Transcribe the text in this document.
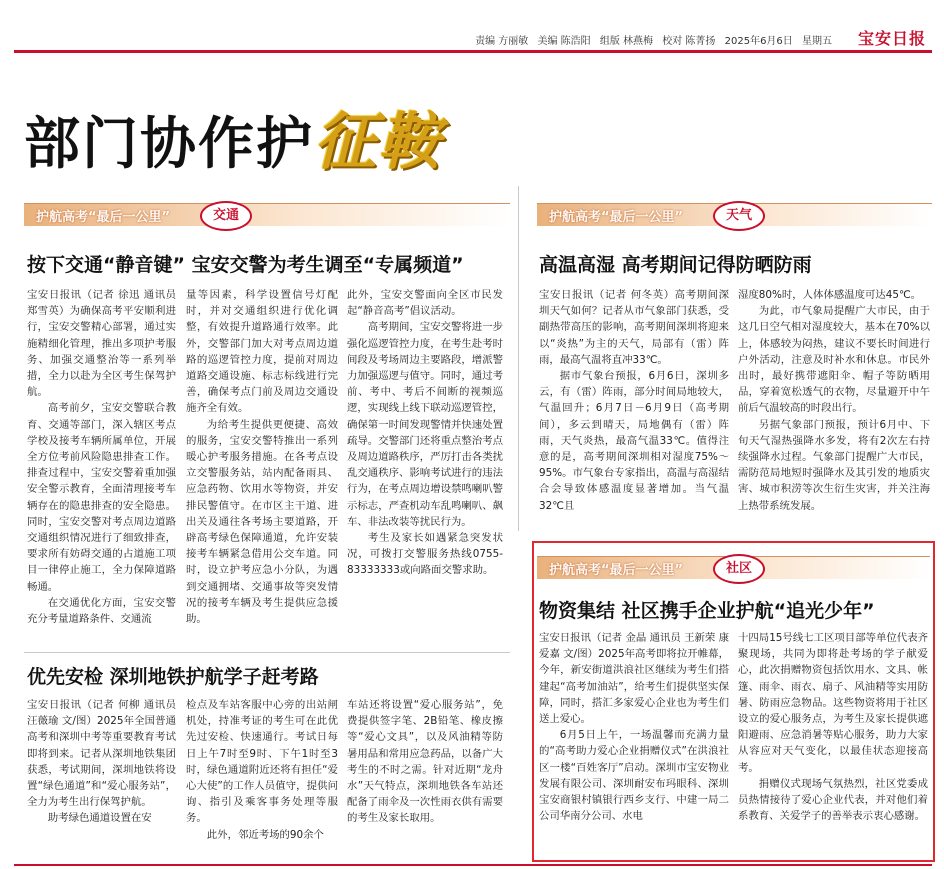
责编 方丽敏 美编 陈浩阳 组版 林燕梅 校对 陈菁扬 2025年6月6日 星期五 宝安日报
部门协作护征鞍
护航高考“最后一公里”	交通
按下交通“静音键” 宝安交警为考生调至“专属频道”

宝安日报讯（记者 徐迅 通讯员 郑雪英）为确保高考平安顺利进行，宝安交警精心部署，通过实施精细化管理，推出多项护考服务、加强交通整治等一系列举措，全力以赴为全区考生保驾护航。

高考前夕，宝安交警联合教育、交通等部门，深入辖区考点学校及接考车辆所属单位，开展全方位考前风险隐患排查工作。排查过程中，宝安交警着重加强安全警示教育，全面清理接考车辆存在的隐患排查的安全隐患。同时，宝安交警对考点周边道路交通组织情况进行了细致排查，要求所有妨碍交通的占道施工项目一律停止施工，全力保障道路畅通。

在交通优化方面，宝安交警充分考量道路条件、交通流

量等因素，科学设置信号灯配时，并对交通组织进行优化调整，有效提升道路通行效率。此外，交警部门加大对考点周边道路的巡逻管控力度，提前对周边道路交通设施、标志标线进行完善，确保考点门前及周边交通设施齐全有效。

为给考生提供更便捷、高效的服务，宝安交警特推出一系列暖心护考服务措施。在各考点设立交警服务站，站内配备雨具、应急药物、饮用水等物资，并安排民警值守。在市区主干道、进出关及通往各考场主要道路，开辟高考绿色保障通道，允许安装接考车辆紧急借用公交车道。同时，设立护考应急小分队，为遇到交通拥堵、交通事故等突发情况的接考车辆及考生提供应急援助。

此外，宝安交警面向全区市民发起“静音高考”倡议活动。

高考期间，宝安交警将进一步强化巡逻管控力度，在考生赴考时间段及考场周边主要路段，增派警力加强巡逻与值守。同时，通过考前、考中、考后不间断的视频巡逻，实现线上线下联动巡逻管控，确保第一时间发现警情并快速处置疏导。交警部门还将重点整治考点及周边道路秩序，严厉打击各类扰乱交通秩序、影响考试进行的违法行为，在考点周边增设禁鸣喇叭警示标志，严查机动车乱鸣喇叭、飙车、非法改装等扰民行为。

考生及家长如遇紧急突发状况，可拨打交警服务热线0755-83333333或向路面交警求助。

优先安检 深圳地铁护航学子赶考路

宝安日报讯（记者 何柳 通讯员 汪薇瑜 文/图）2025年全国普通高考和深圳中考等重要教育考试即将到来。记者从深圳地铁集团获悉，考试期间，深圳地铁将设置“绿色通道”和“爱心服务站”，全力为考生出行保驾护航。

助考绿色通道设置在安

检点及车站客服中心旁的出站闸机处，持准考证的考生可在此优先过安检、快速通行。考试日每日上午7时至9时、下午1时至3时，绿色通道附近还将有担任“爱心大使”的工作人员值守，提供问询、指引及乘客事务处理等服务。

此外，邻近考场的90余个

车站还将设置“爱心服务站”，免费提供签字笔、2B铅笔、橡皮擦等“爱心文具”，以及风油精等防暑用品和常用应急药品，以备广大考生的不时之需。针对近期“龙舟水”天气特点，深圳地铁各车站还配备了雨伞及一次性雨衣供有需要的考生及家长取用。

护航高考“最后一公里”	天气
高温高湿 高考期间记得防晒防雨

宝安日报讯（记者 何冬英）高考期间深圳天气如何？记者从市气象部门获悉，受副热带高压的影响，高考期间深圳将迎来以“炎热”为主的天气，局部有（雷）阵雨，最高气温将直冲33℃。

据市气象台预报，6月6日，深圳多云，有（雷）阵雨，部分时间局地较大，气温回升；6月7日－6月9日（高考期间），多云到晴天，局地偶有（雷）阵雨，天气炎热，最高气温33℃。值得注意的是，高考期间深圳相对湿度75%～95%。市气象台专家指出，高温与高湿结合会导致体感温度显著增加。当气温32℃且

湿度80%时，人体体感温度可达45℃。

为此，市气象局提醒广大市民，由于这几日空气相对湿度较大，基本在70%以上，体感较为闷热，建议不要长时间进行户外活动，注意及时补水和休息。市民外出时，最好携带遮阳伞、帽子等防晒用品，穿着宽松透气的衣物，尽量避开中午前后气温较高的时段出行。

另据气象部门预报，预计6月中、下旬天气湿热强降水多发，将有2次左右持续强降水过程。气象部门提醒广大市民，需防范局地短时强降水及其引发的地质灾害、城市积涝等次生衍生灾害，并关注海上热带系统发展。

护航高考“最后一公里”	社区
物资集结 社区携手企业护航“追光少年”

宝安日报讯（记者 金晶 通讯员 王新荣 康爱嘉 文/图）2025年高考即将拉开帷幕，今年，新安街道洪浪社区继续为考生们搭建起“高考加油站”，给考生们提供坚实保障，同时，搭汇多家爱心企业也为考生们送上爱心。

6月5日上午，一场温馨而充满力量的“高考助力爱心企业捐赠仪式”在洪浪社区一楼“百姓客厅”启动。深圳市宝安物业发展有限公司、深圳耐安布玛眼科、深圳宝安商银村镇银行西乡支行、中建一局二公司华南分公司、水电

十四局15号线七工区项目部等单位代表齐聚现场，共同为即将赴考场的学子献爱心，此次捐赠物资包括饮用水、文具、帐篷、雨伞、雨衣、扇子、风油精等实用防暑、防雨应急物品。这些物资将用于社区设立的爱心服务点，为考生及家长提供遮阳避雨、应急消暑等贴心服务，助力大家从容应对天气变化，以最佳状态迎接高考。

捐赠仪式现场气氛热烈，社区党委成员热情接待了爱心企业代表，并对他们着系教育、关爱学子的善举表示衷心感谢。
